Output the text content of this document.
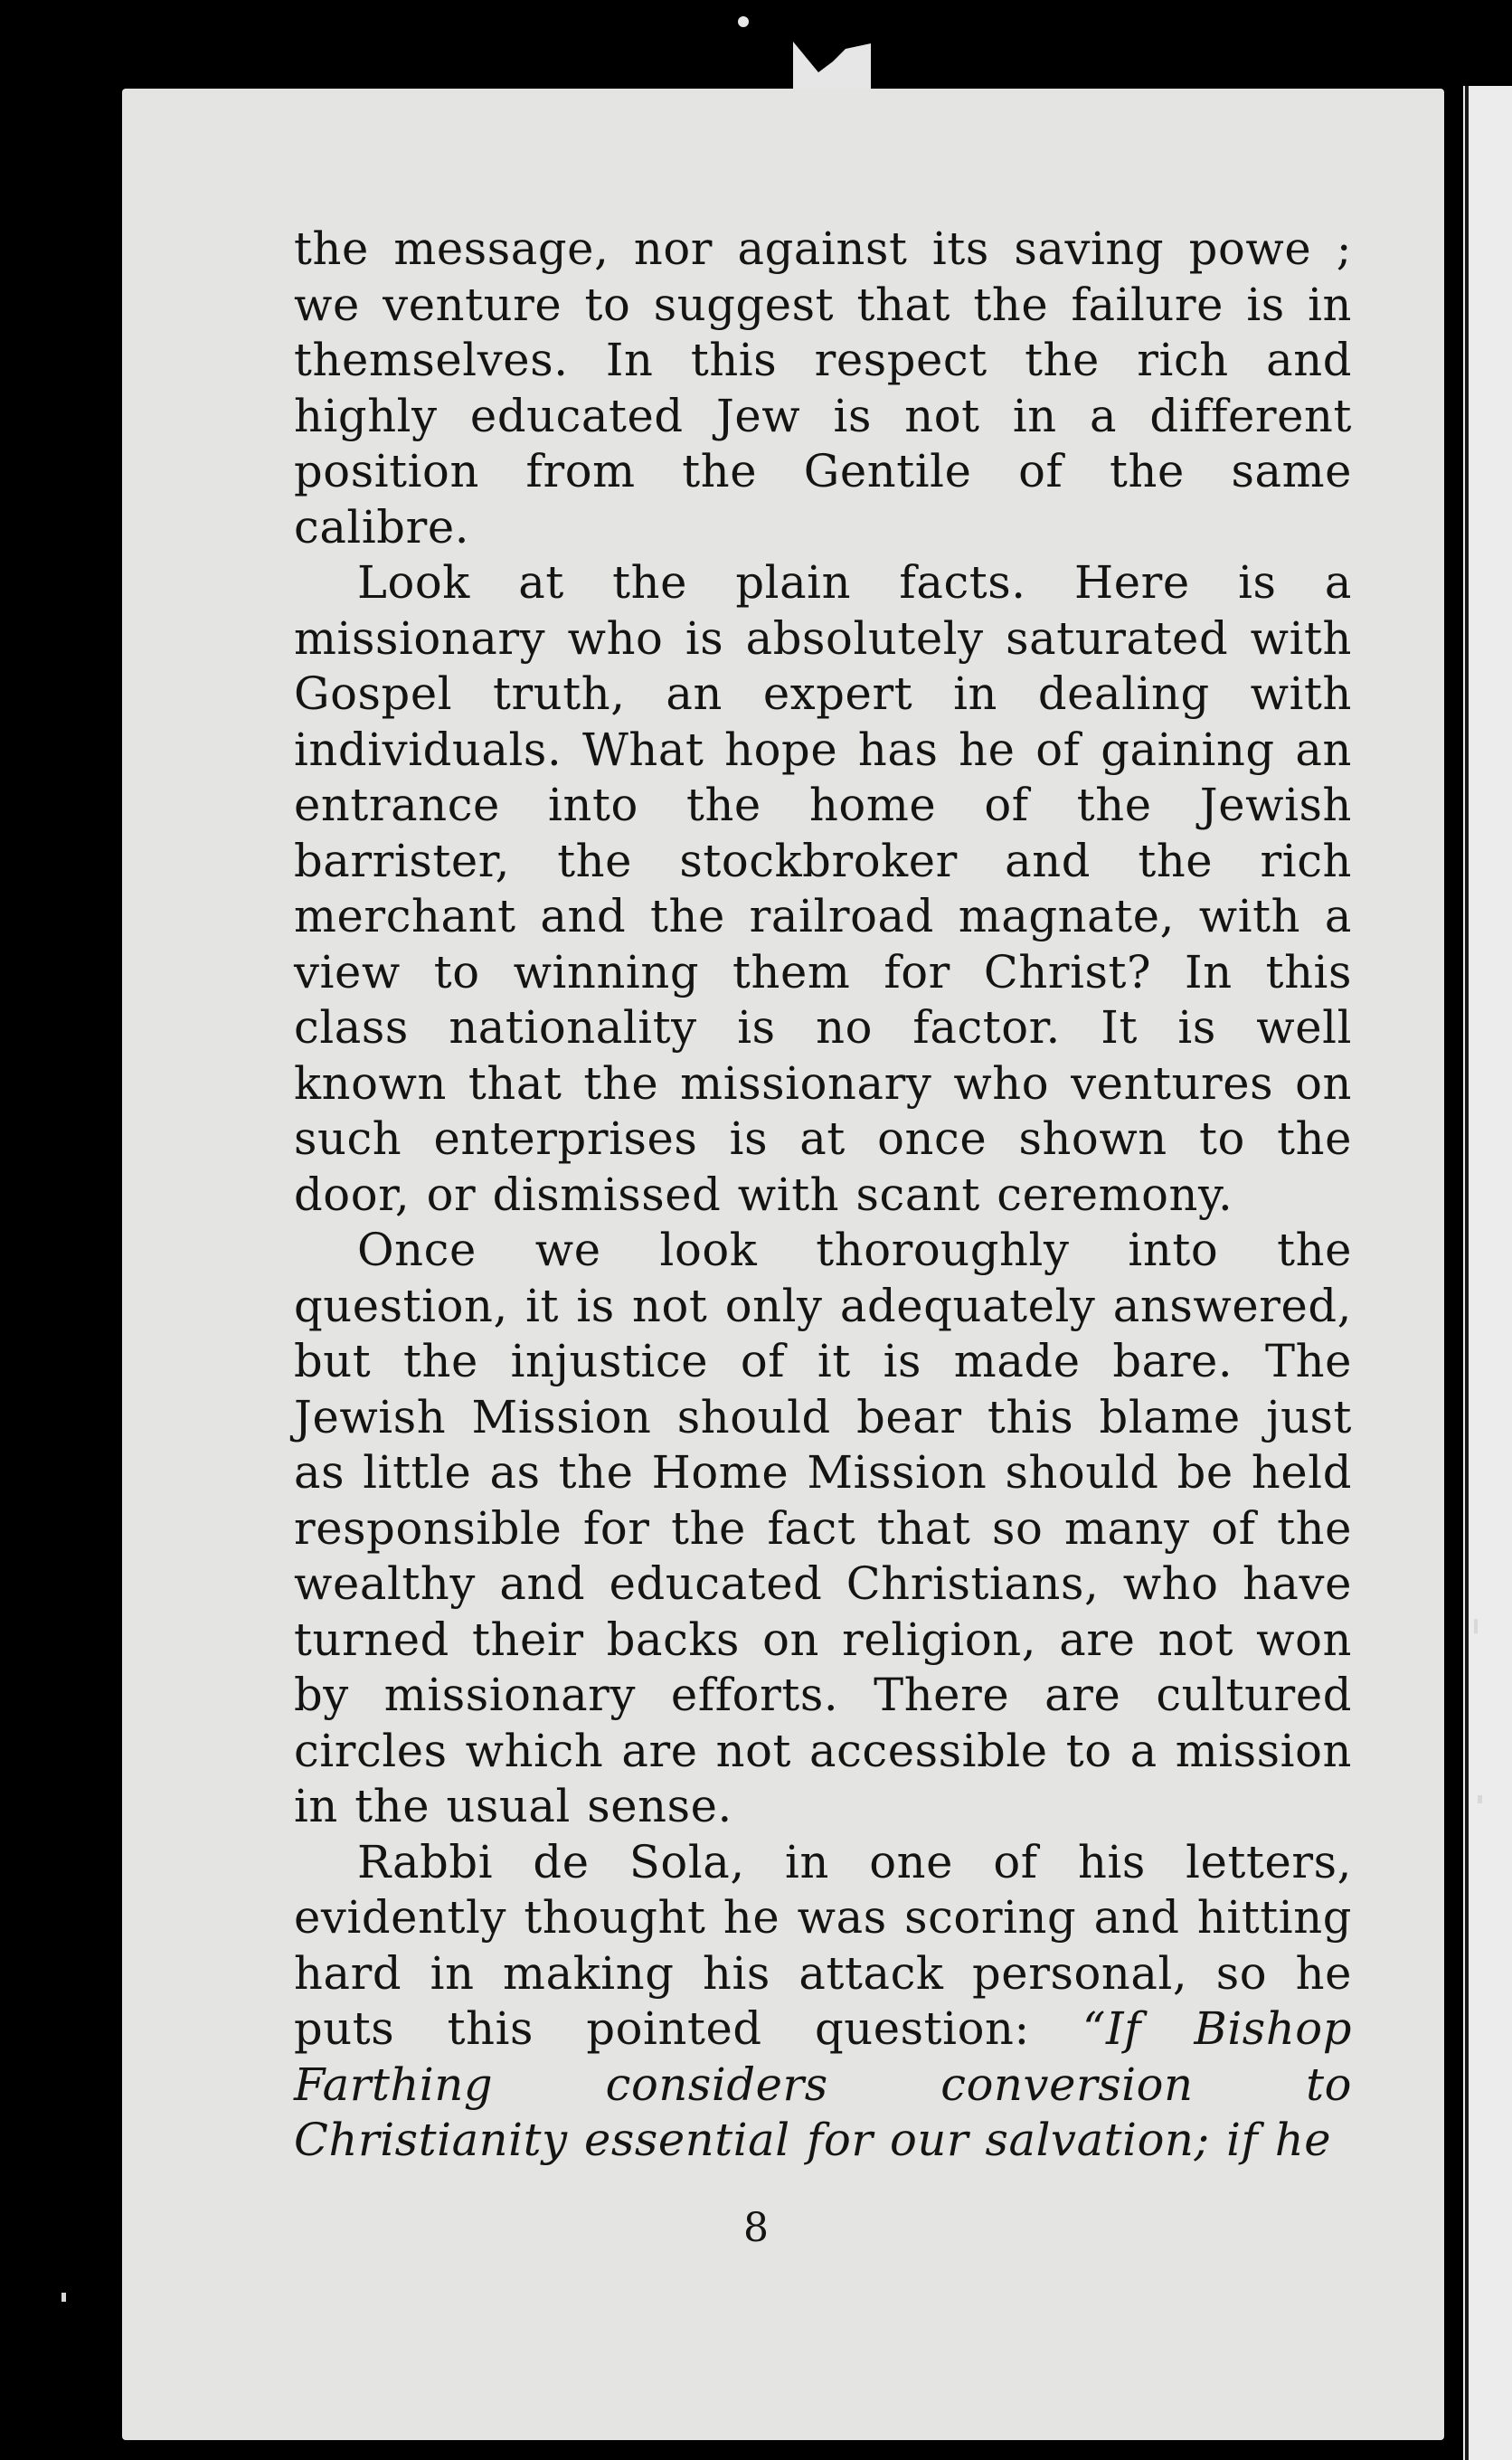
the message, nor against its saving powe ; we venture to suggest that the failure is in themselves. In this respect the rich and highly educated Jew is not in a different position from the Gentile of the same calibre.

Look at the plain facts. Here is a missionary who is absolutely saturated with Gospel truth, an expert in dealing with individuals. What hope has he of gaining an entrance into the home of the Jewish barrister, the stockbroker and the rich merchant and the railroad magnate, with a view to winning them for Christ? In this class nationality is no factor. It is well known that the missionary who ventures on such enterprises is at once shown to the door, or dismissed with scant ceremony.

Once we look thoroughly into the question, it is not only adequately answered, but the injustice of it is made bare. The Jewish Mission should bear this blame just as little as the Home Mission should be held responsible for the fact that so many of the wealthy and educated Christians, who have turned their backs on religion, are not won by missionary efforts. There are cultured circles which are not accessible to a mission in the usual sense.

Rabbi de Sola, in one of his letters, evidently thought he was scoring and hitting hard in making his attack personal, so he puts this pointed question: “If Bishop Farthing considers conversion to Christianity essential for our salvation; if he

8
